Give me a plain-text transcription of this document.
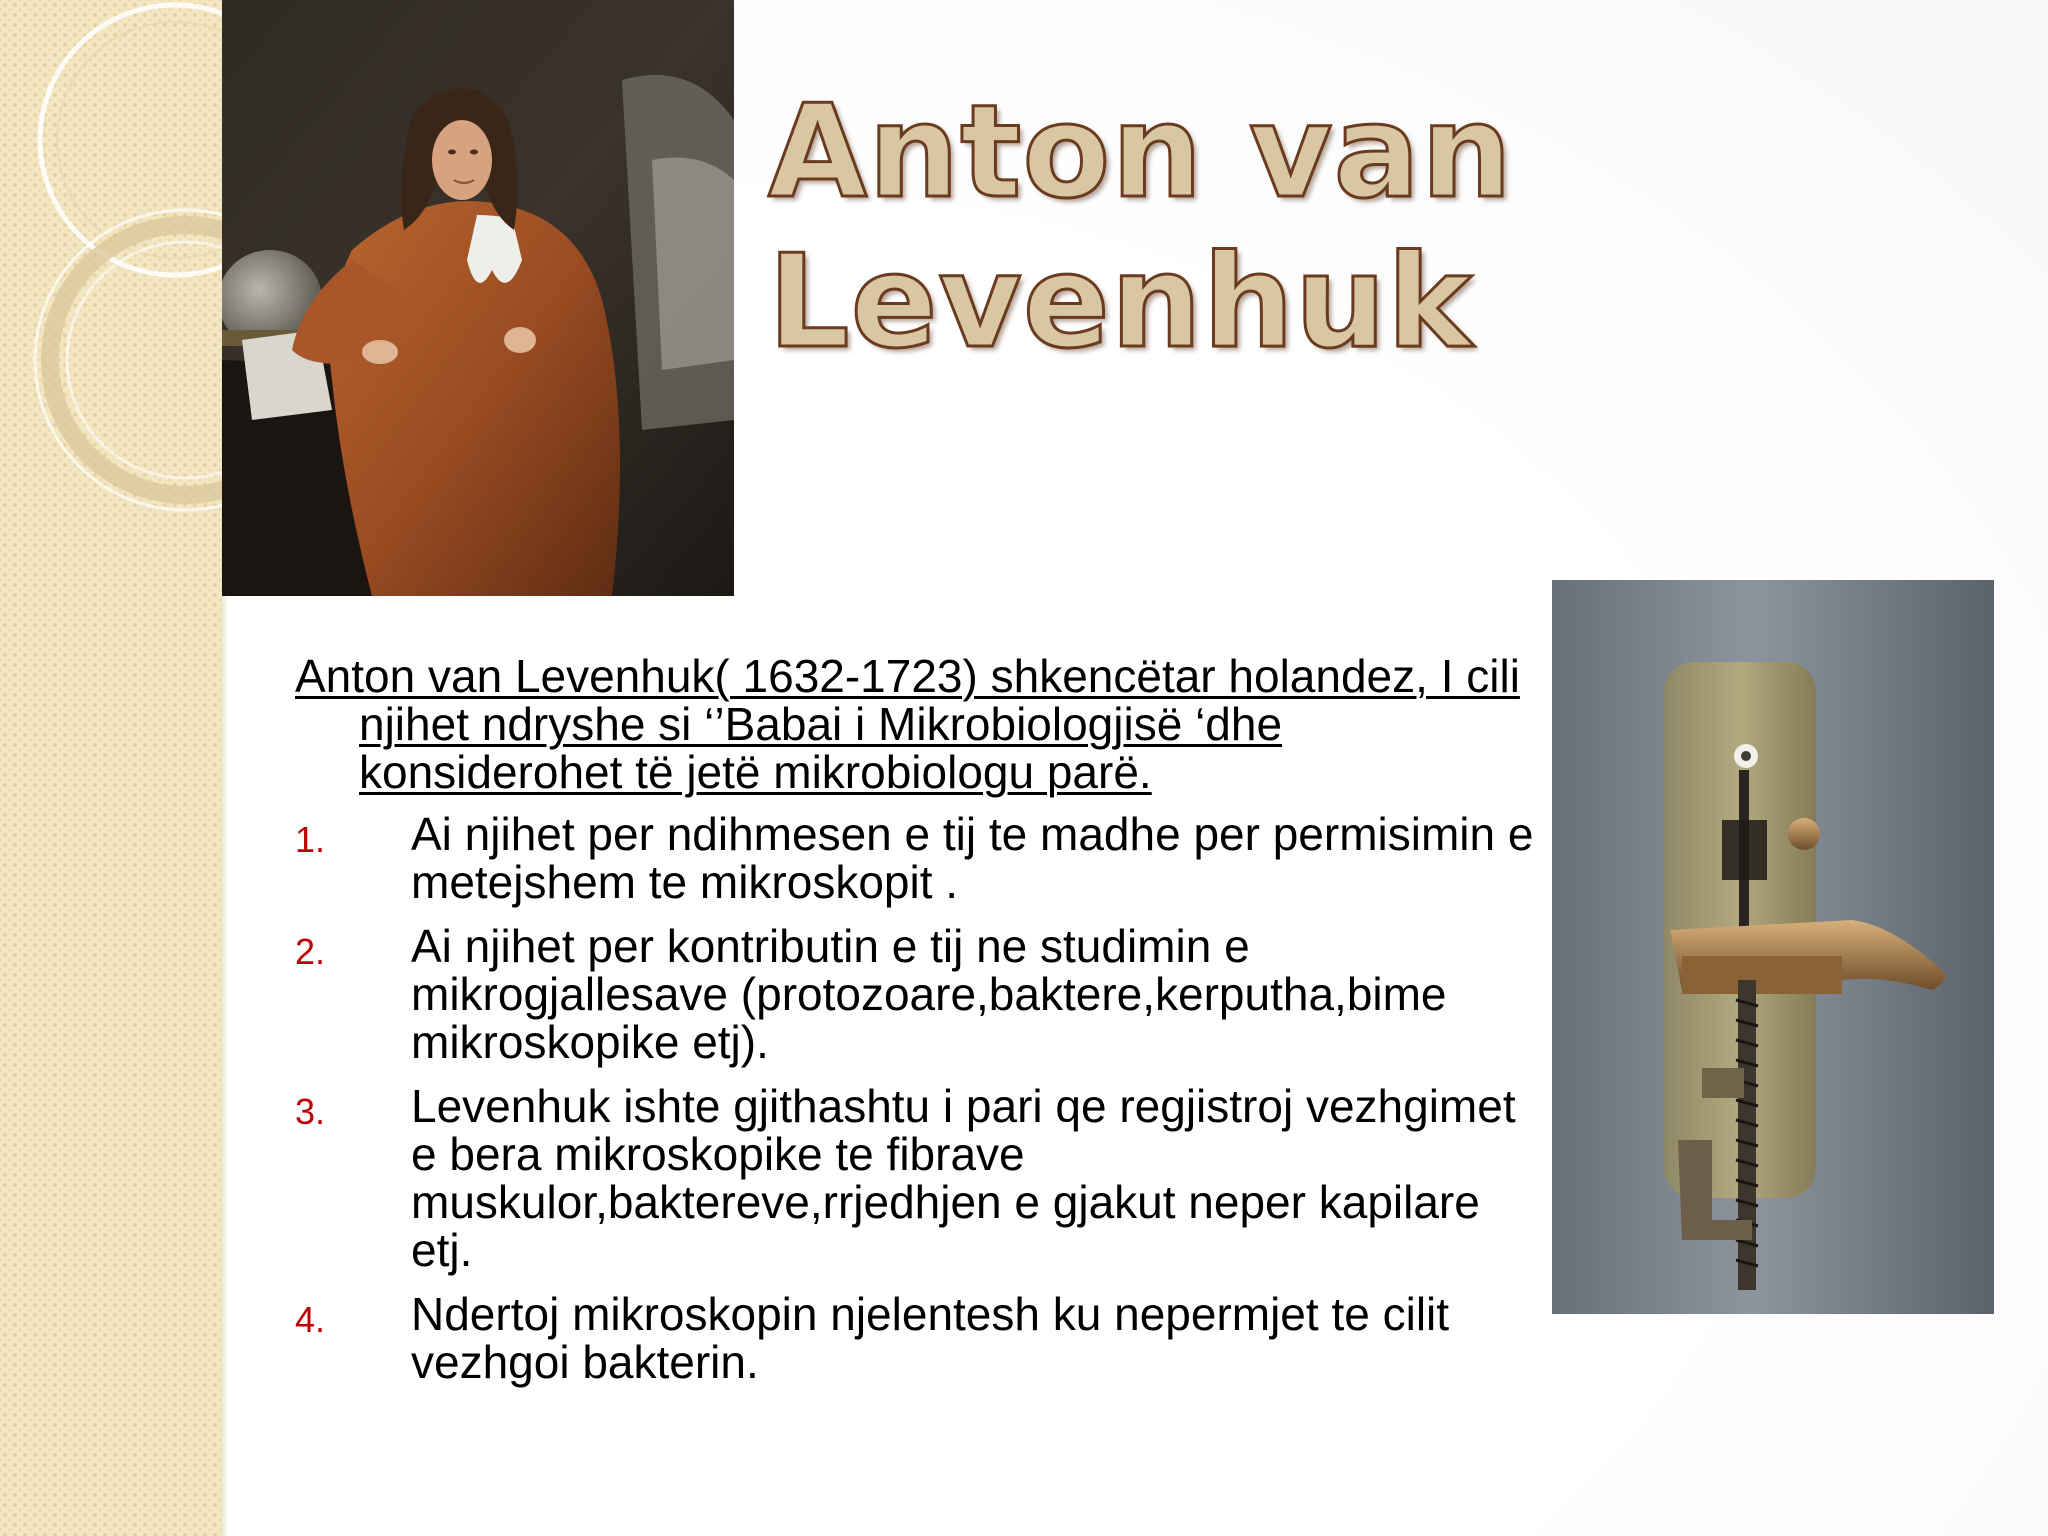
Anton van
Levenhuk

Anton van Levenhuk( 1632-1723) shkencëtar holandez, I cili njihet ndryshe si ‘’Babai i Mikrobiologjisë ‘dhe konsiderohet të jetë mikrobiologu parë.

1. Ai njihet per ndihmesen e tij te madhe per permisimin e metejshem te mikroskopit .
2. Ai njihet per kontributin e tij ne studimin e mikrogjallesave (protozoare,baktere,kerputha,bime mikroskopike etj).
3. Levenhuk ishte gjithashtu i pari qe regjistroj vezhgimet e bera mikroskopike te fibrave muskulor,baktereve,rrjedhjen e gjakut neper kapilare etj.
4. Ndertoj mikroskopin njelentesh ku nepermjet te cilit vezhgoi bakterin.
